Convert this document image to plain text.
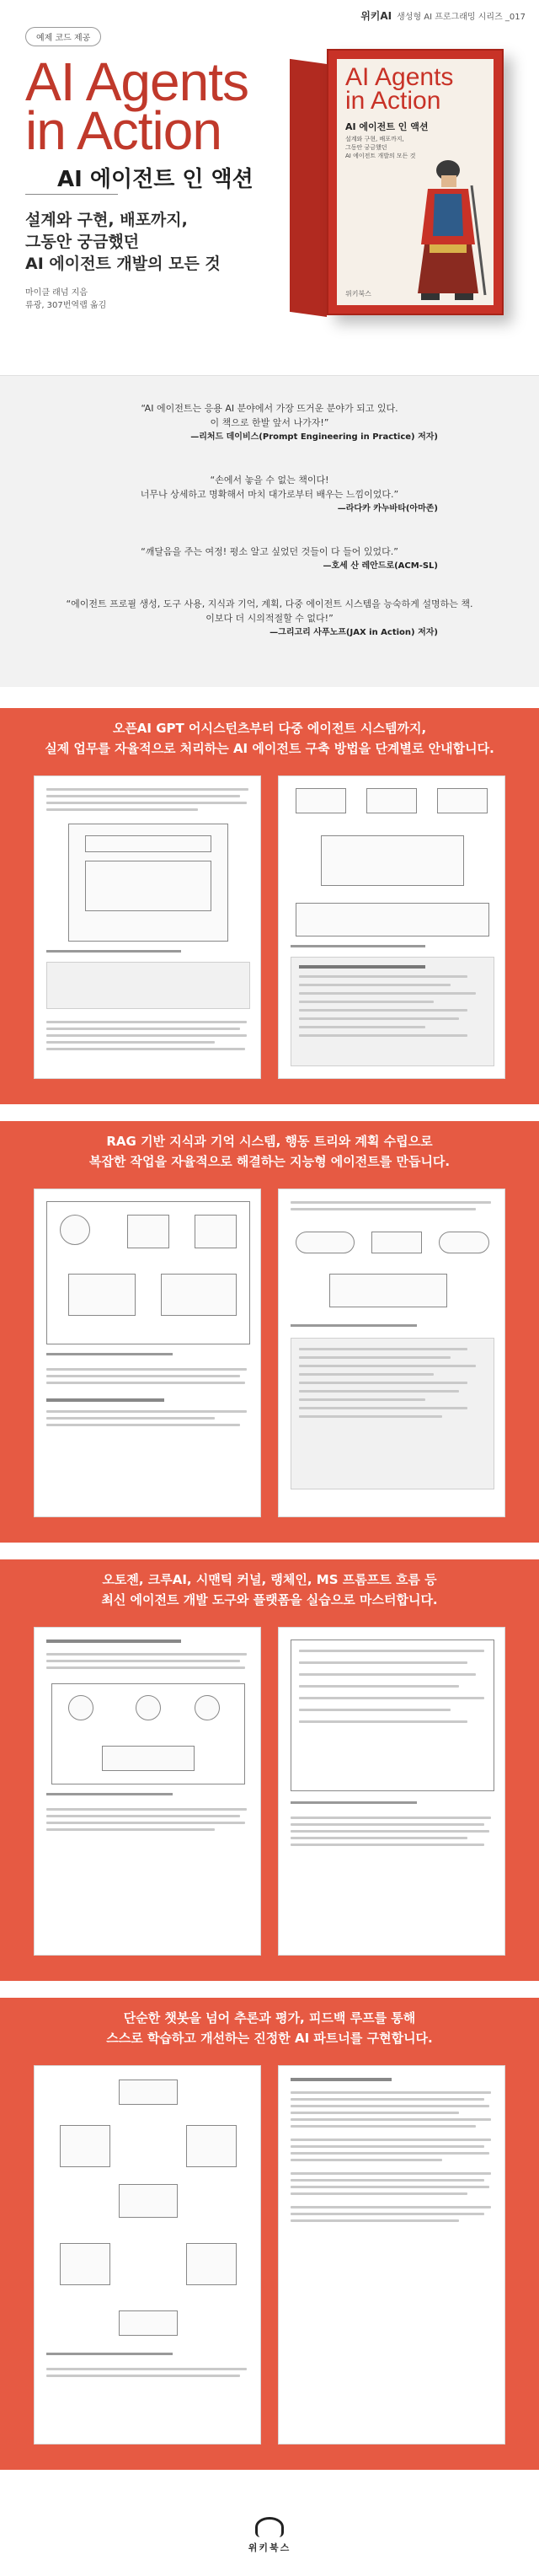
위키AI 생성형 AI 프로그래밍 시리즈 _017
예제 코드 제공
AI Agents
in Action
AI 에이전트 인 액션
설계와 구현, 배포까지,
그동안 궁금했던
AI 에이전트 개발의 모든 것
마이클 래넘 지음
류광, 307번역랩 옮김
AI Agents
in Action
AI 에이전트 인 액션
설계와 구현, 배포까지,
그동안 궁금했던
AI 에이전트 개발의 모든 것
위키북스
“AI 에이전트는 응용 AI 분야에서 가장 뜨거운 분야가 되고 있다.
이 책으로 한발 앞서 나가자!”
—리처드 데이비스(Prompt Engineering in Practice) 저자)
“손에서 놓을 수 없는 책이다!
너무나 상세하고 명확해서 마치 대가로부터 배우는 느낌이었다.”
—라다카 카누바타(아마존)
“깨달음을 주는 여정! 평소 알고 싶었던 것들이 다 들어 있었다.”
—호세 산 레안드로(ACM-SL)
“에이전트 프로필 생성, 도구 사용, 지식과 기억, 계획, 다중 에이전트 시스템을 능숙하게 설명하는 책.
이보다 더 시의적절할 수 없다!”
—그리고리 사푸노프(JAX in Action) 저자)
오픈AI GPT 어시스턴츠부터 다중 에이전트 시스템까지,
실제 업무를 자율적으로 처리하는 AI 에이전트 구축 방법을 단계별로 안내합니다.
RAG 기반 지식과 기억 시스템, 행동 트리와 계획 수립으로
복잡한 작업을 자율적으로 해결하는 지능형 에이전트를 만듭니다.
오토젠, 크루AI, 시맨틱 커널, 랭체인, MS 프롬프트 흐름 등
최신 에이전트 개발 도구와 플랫폼을 실습으로 마스터합니다.
단순한 챗봇을 넘어 추론과 평가, 피드백 루프를 통해
스스로 학습하고 개선하는 진정한 AI 파트너를 구현합니다.
위키북스
